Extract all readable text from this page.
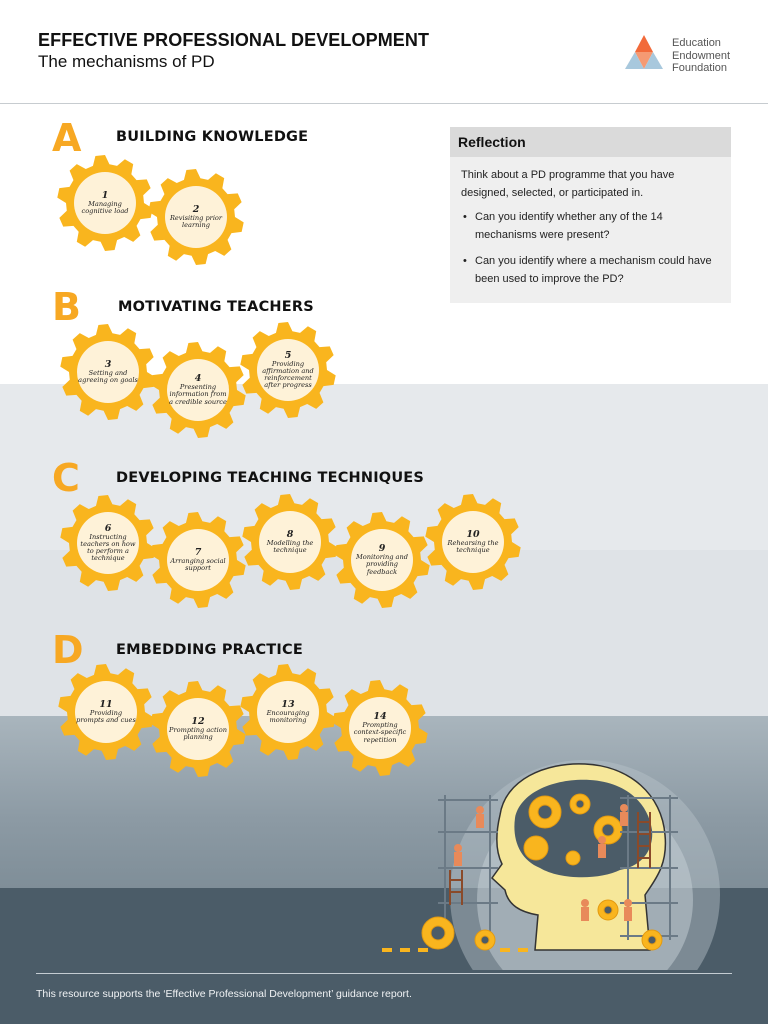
EFFECTIVE PROFESSIONAL DEVELOPMENT
The mechanisms of PD
Education
Endowment
Foundation
A BUILDING KNOWLEDGE
1
Managing cognitive load	2
Revisiting prior learning
B	MOTIVATING TEACHERS
3
Setting and agreeing on goals	4
Presenting information from a credible source
5
Providing affirmation and reinforcement after progress
C DEVELOPING TEACHING TECHNIQUES
6
Instructing teachers on how to perform a technique
7
Arranging social support
8
Modelling the technique	9
Monitoring and providing feedback
10
Rehearsing the technique
D EMBEDDING PRACTICE
11
Providing prompts and cues	12
Prompting action planning
13
Encouraging monitoring	14
Prompting context-specific repetition
Reflection

Think about a PD programme that you have designed, selected, or participated in.

• Can you identify whether any of the 14 mechanisms were present?
• Can you identify where a mechanism could have been used to improve the PD?
This resource supports the ‘Effective Professional Development’ guidance report.
